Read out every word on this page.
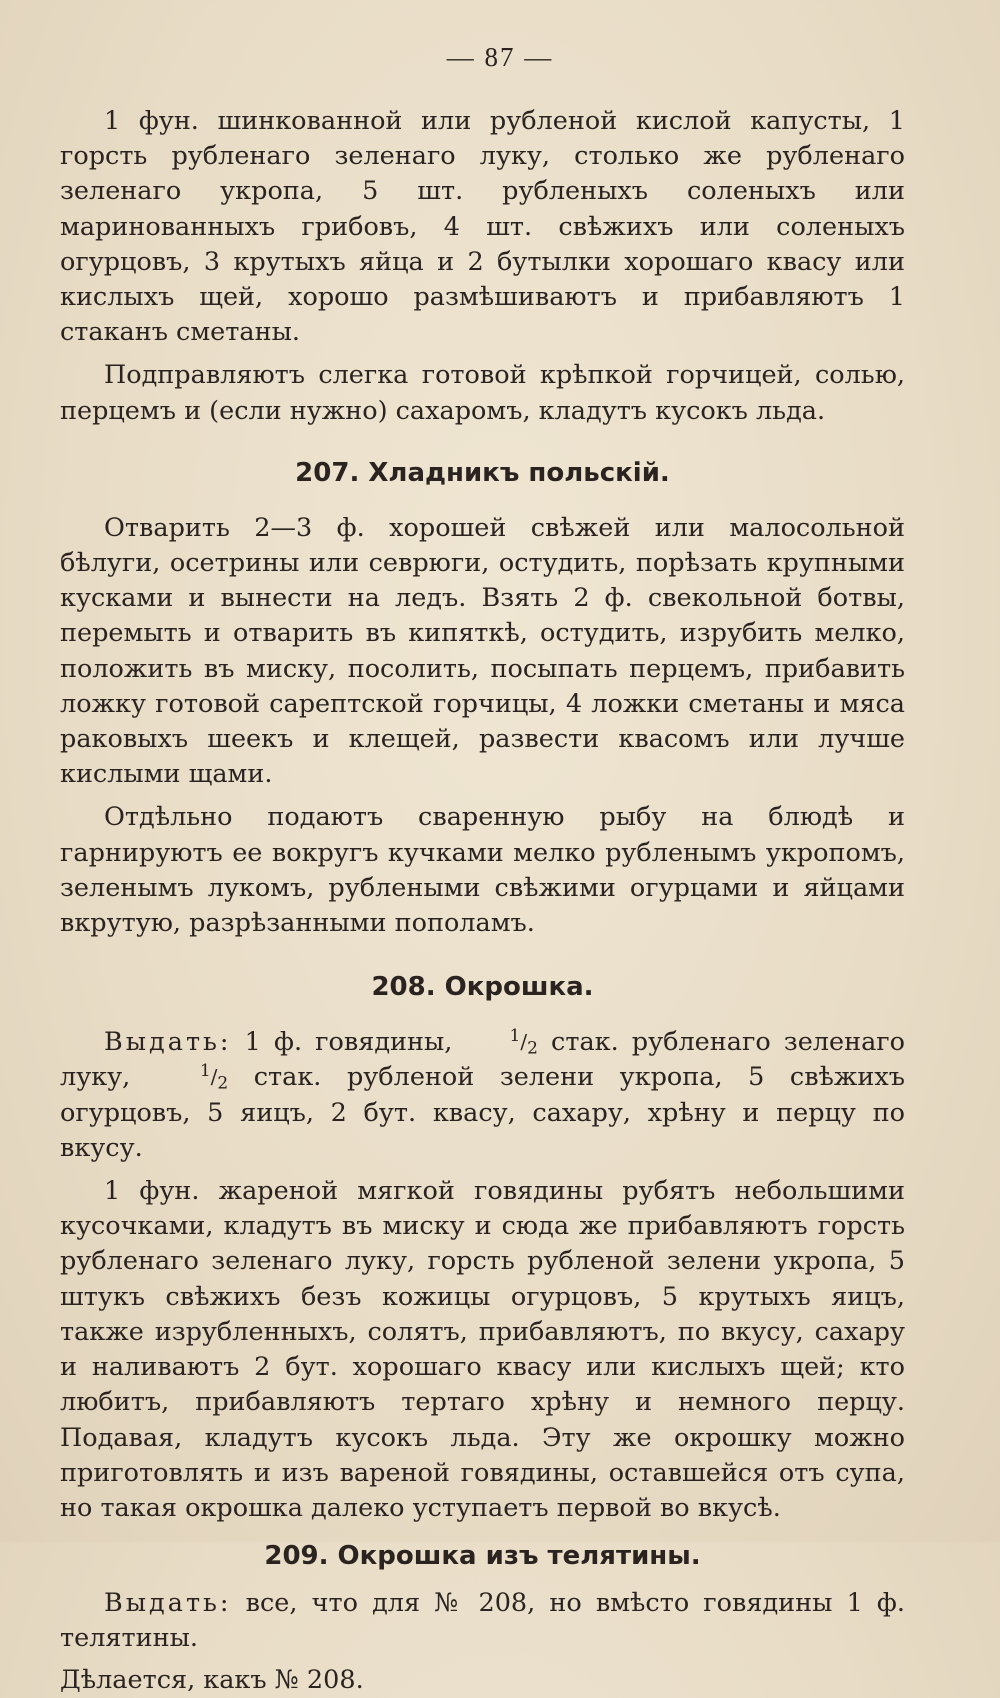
— 87 —

1 фун. шинкованной или рубленой кислой капусты, 1 горсть рубленаго зеленаго луку, столько же рубленаго зеленаго укропа, 5 шт. рубленыхъ соленыхъ или маринованныхъ грибовъ, 4 шт. свѣжихъ или соленыхъ огурцовъ, 3 крутыхъ яйца и 2 бутылки хорошаго квасу или кислыхъ щей, хорошо размѣшиваютъ и прибавляютъ 1 стаканъ сметаны.

Подправляютъ слегка готовой крѣпкой горчицей, солью, перцемъ и (если нужно) сахаромъ, кладутъ кусокъ льда.

207. Хладникъ польскій.

Отварить 2—3 ф. хорошей свѣжей или малосольной бѣлуги, осетрины или севрюги, остудить, порѣзать крупными кусками и вынести на ледъ. Взять 2 ф. свекольной ботвы, перемыть и отварить въ кипяткѣ, остудить, изрубить мелко, положить въ миску, посолить, посыпать перцемъ, прибавить ложку готовой сарептской горчицы, 4 ложки сметаны и мяса раковыхъ шеекъ и клещей, развести квасомъ или лучше кислыми щами.

Отдѣльно подаютъ сваренную рыбу на блюдѣ и гарнируютъ ее вокругъ кучками мелко рубленымъ укропомъ, зеленымъ лукомъ, рублеными свѣжими огурцами и яйцами вкрутую, разрѣзанными пополамъ.

208. Окрошка.

Выдать: 1 ф. говядины,	$^1/_2$ стак. рубленаго зеленаго луку,	$^1/_2$ стак. рубленой зелени укропа, 5 свѣжихъ огурцовъ, 5 яицъ, 2 бут. квасу, сахару, хрѣну и перцу по вкусу.

1 фун. жареной мягкой говядины рубятъ небольшими кусочками, кладутъ въ миску и сюда же прибавляютъ горсть рубленаго зеленаго луку, горсть рубленой зелени укропа, 5 штукъ свѣжихъ безъ кожицы огурцовъ, 5 крутыхъ яицъ, также изрубленныхъ, солятъ, прибавляютъ, по вкусу, сахару и наливаютъ 2 бут. хорошаго квасу или кислыхъ щей; кто любитъ, прибавляютъ тертаго хрѣну и немного перцу. Подавая, кладутъ кусокъ льда. Эту же окрошку можно приготовлять и изъ вареной говядины, оставшейся отъ супа, но такая окрошка далеко уступаетъ первой во вкусѣ.

209. Окрошка изъ телятины.

Выдать: все, что для № 208, но вмѣсто говядины 1 ф. телятины.

Дѣлается, какъ № 208.
